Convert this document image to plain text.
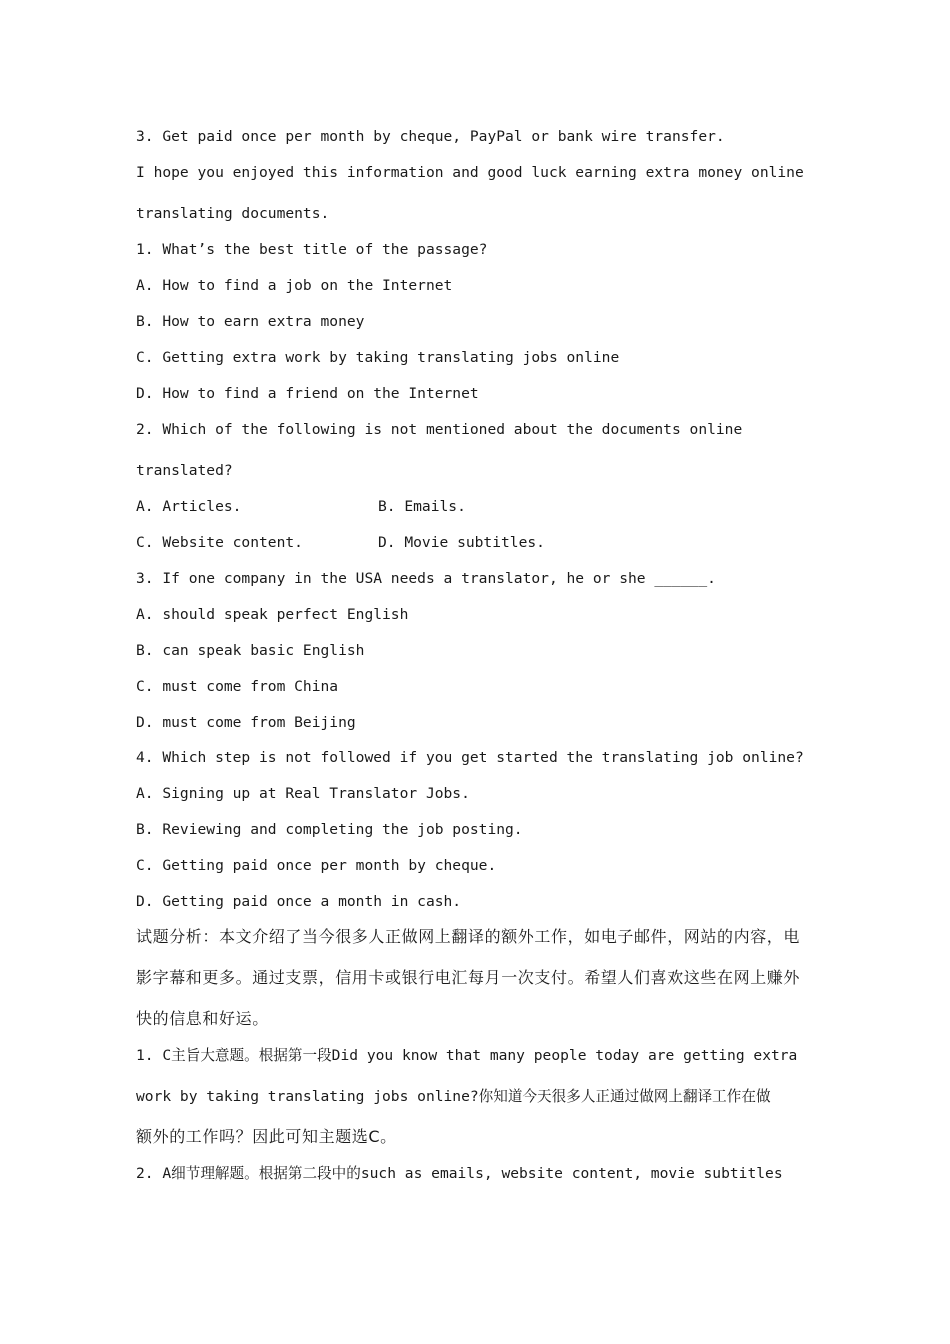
3. Get paid once per month by cheque, PayPal or bank wire transfer.
I hope you enjoyed this information and good luck earning extra money online
translating documents.
1. What’s the best title of the passage?
A. How to find a job on the Internet
B. How to earn extra money
C. Getting extra work by taking translating jobs online
D. How to find a friend on the Internet
2. Which of the following is not mentioned about the documents online
translated?
A. Articles.	B. Emails.
C. Website content.	D. Movie subtitles.
3. If one company in the USA needs a translator, he or she ______.
A. should speak perfect English
B. can speak basic English
C. must come from China
D. must come from Beijing
4. Which step is not followed if you get started the translating job online?
A. Signing up at Real Translator Jobs.
B. Reviewing and completing the job posting.
C. Getting paid once per month by cheque.
D. Getting paid once a month in cash.
试题分析：本文介绍了当今很多人正做网上翻译的额外工作，如电子邮件，网站的内容，电
影字幕和更多。通过支票，信用卡或银行电汇每月一次支付。希望人们喜欢这些在网上赚外
快的信息和好运。
1. C主旨大意题。根据第一段Did you know that many people today are getting extra
work by taking translating jobs online?你知道今天很多人正通过做网上翻译工作在做
额外的工作吗？因此可知主题选C。
2. A细节理解题。根据第二段中的such as emails, website content, movie subtitles
